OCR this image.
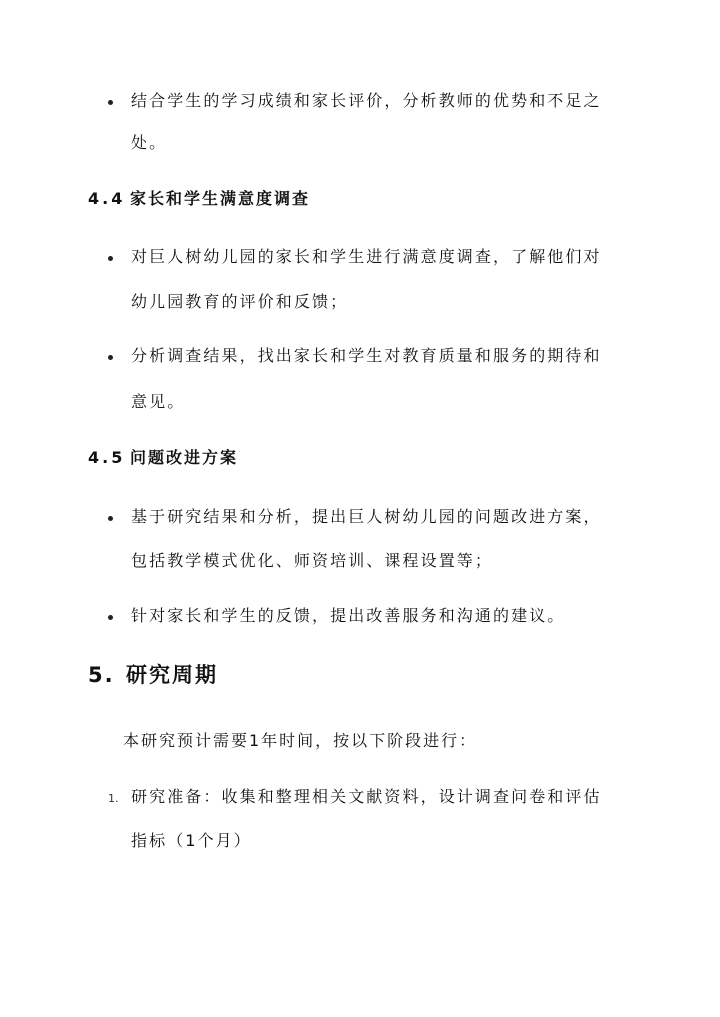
结合学生的学习成绩和家长评价，分析教师的优势和不足之
处。
4.4 家长和学生满意度调查
对巨人树幼儿园的家长和学生进行满意度调查，了解他们对
幼儿园教育的评价和反馈；
分析调查结果，找出家长和学生对教育质量和服务的期待和
意见。
4.5 问题改进方案
基于研究结果和分析，提出巨人树幼儿园的问题改进方案，
包括教学模式优化、师资培训、课程设置等；
针对家长和学生的反馈，提出改善服务和沟通的建议。
5. 研究周期
本研究预计需要1年时间，按以下阶段进行：
1. 研究准备：收集和整理相关文献资料，设计调查问卷和评估
指标（1个月）
